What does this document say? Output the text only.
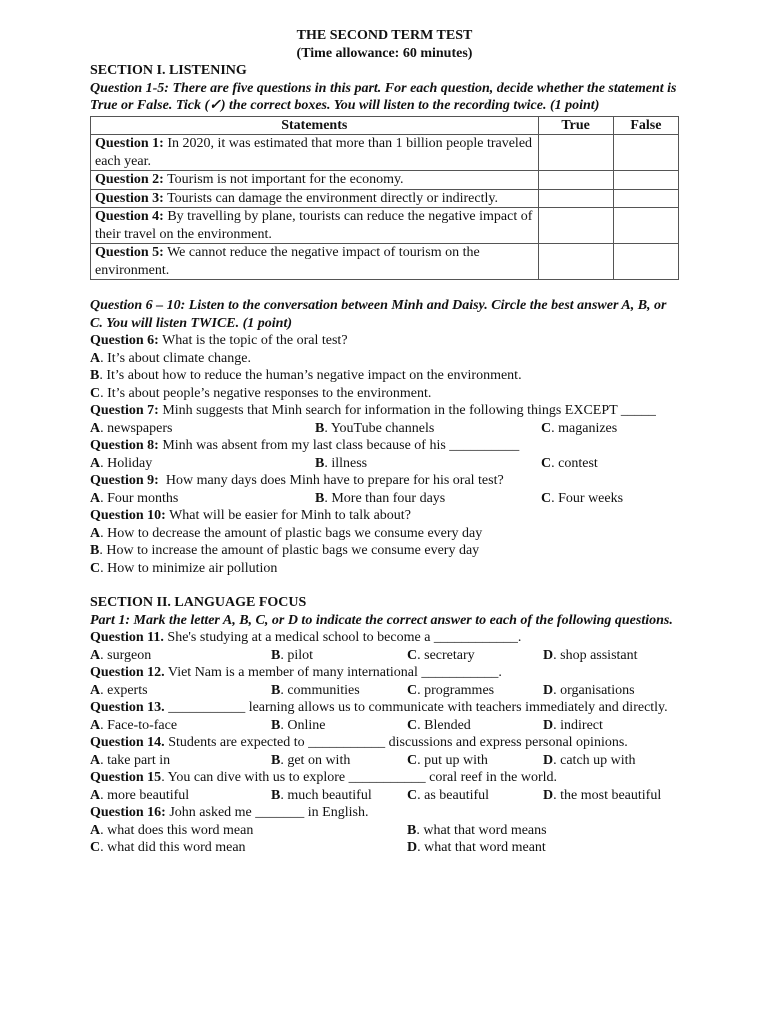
THE SECOND TERM TEST

(Time allowance: 60 minutes)

SECTION I. LISTENING

Question 1-5: There are five questions in this part. For each question, decide whether the statement is True or False. Tick (✓) the correct boxes. You will listen to the recording twice. (1 point)

Statements	True	False
Question 1: In 2020, it was estimated that more than 1 billion people traveled each year.		
Question 2: Tourism is not important for the economy.		
Question 3: Tourists can damage the environment directly or indirectly.		
Question 4: By travelling by plane, tourists can reduce the negative impact of their travel on the environment.		
Question 5: We cannot reduce the negative impact of tourism on the environment.		

Question 6 – 10: Listen to the conversation between Minh and Daisy. Circle the best answer A, B, or C. You will listen TWICE. (1 point)

Question 6: What is the topic of the oral test?

A. It’s about climate change.

B. It’s about how to reduce the human’s negative impact on the environment.

C. It’s about people’s negative responses to the environment.

Question 7: Minh suggests that Minh search for information in the following things EXCEPT _____

A. newspapers	B. YouTube channels	C. maganizes

Question 8: Minh was absent from my last class because of his __________

A. Holiday	B. illness	C. contest

Question 9:  How many days does Minh have to prepare for his oral test?

A. Four months	B. More than four days	C. Four weeks

Question 10: What will be easier for Minh to talk about?

A. How to decrease the amount of plastic bags we consume every day

B. How to increase the amount of plastic bags we consume every day

C. How to minimize air pollution

SECTION II. LANGUAGE FOCUS

Part 1: Mark the letter A, B, C, or D to indicate the correct answer to each of the following questions.

Question 11. She's studying at a medical school to become a ____________.

A. surgeon	B. pilot	C. secretary	D. shop assistant

Question 12. Viet Nam is a member of many international ___________.

A. experts	B. communities	C. programmes	D. organisations

Question 13. ___________ learning allows us to communicate with teachers immediately and directly.

A. Face-to-face	B. Online	C. Blended	D. indirect

Question 14. Students are expected to ___________ discussions and express personal opinions.

A. take part in	B. get on with	C. put up with	D. catch up with

Question 15. You can dive with us to explore ___________ coral reef in the world.

A. more beautiful	B. much beautiful	C. as beautiful	D. the most beautiful

Question 16: John asked me _______ in English.

A. what does this word mean	B. what that word means
C. what did this word mean	D. what that word meant
